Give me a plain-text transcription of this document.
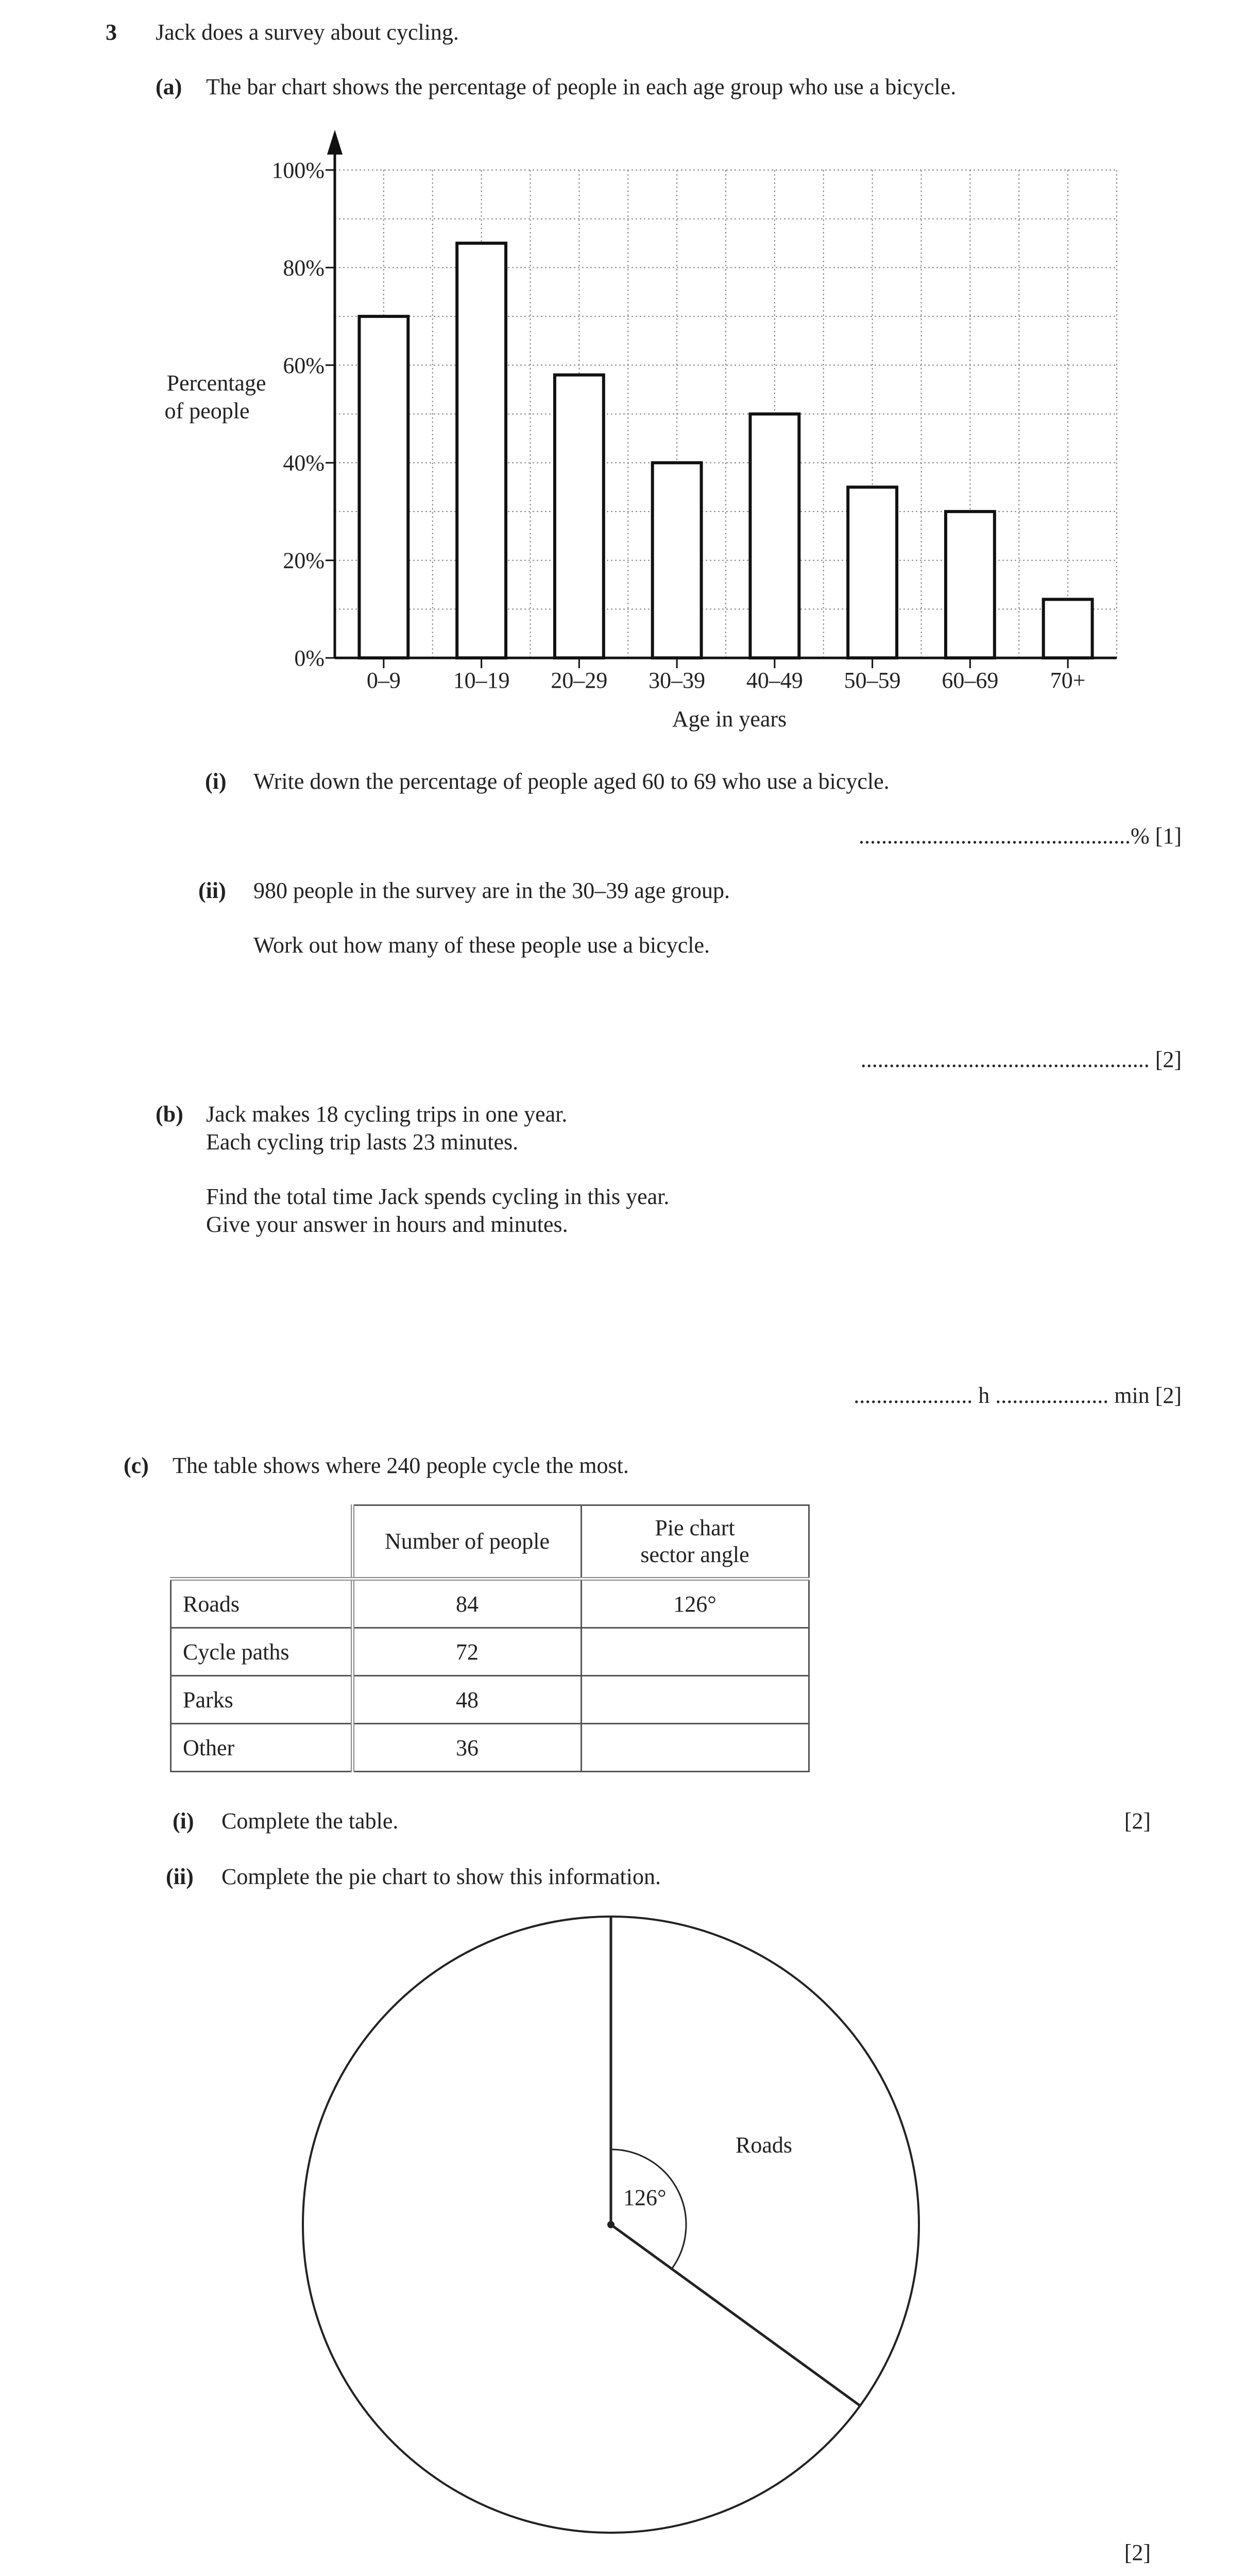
3 Jack does a survey about cycling.
(a) The bar chart shows the percentage of people in each age group who use a bicycle.
0–9 10–19 20–29 30–39 40–49 50–59 60–69 70+
0%
20%
40%
60%
80%
100%
Percentage
of people
Age in years
(i) Write down the percentage of people aged 60 to 69 who use a bicycle.
................................................% [1]
(ii) 980 people in the survey are in the 30–39 age group.
Work out how many of these people use a bicycle.
................................................... [2]
(b) Jack makes 18 cycling trips in one year.
Each cycling trip lasts 23 minutes.
Find the total time Jack spends cycling in this year.
Give your answer in hours and minutes.
..................... h .................... min [2]
(c) The table shows where 240 people cycle the most.
	Number of people	Pie chart
sector angle
Roads	84	126°
Cycle paths	72	
Parks	48	
Other	36	
(i) Complete the table.	[2]
(ii) Complete the pie chart to show this information.
126°
Roads
[2]
